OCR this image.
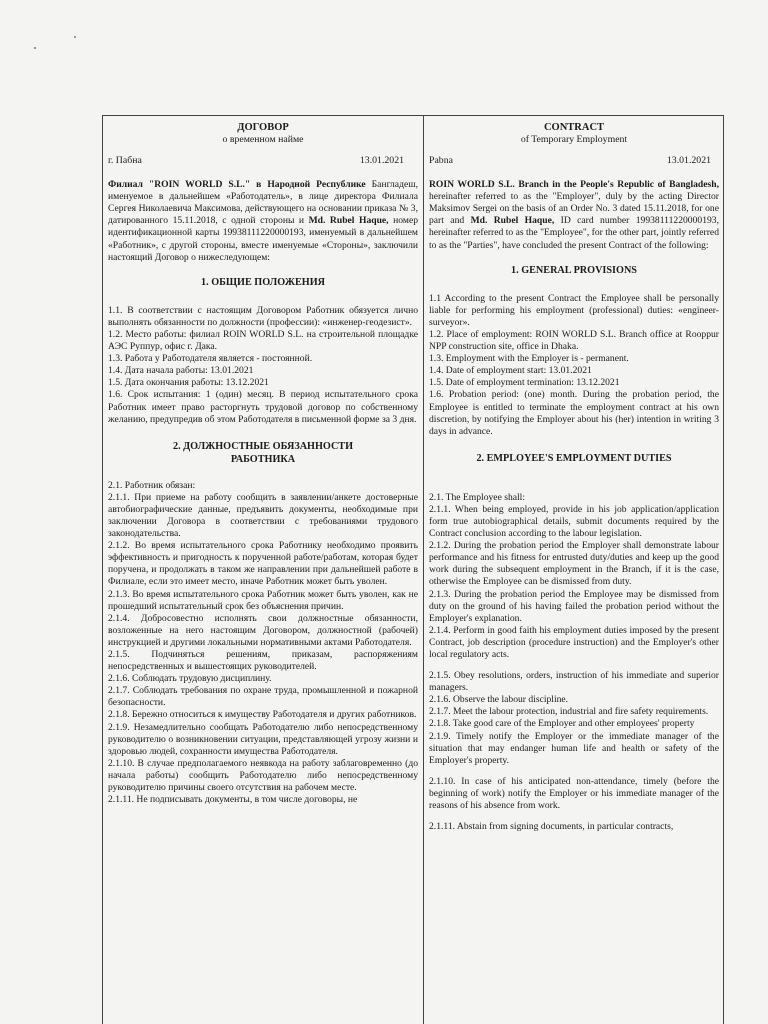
ДОГОВОР
о временном найме
г. Пабна	13.01.2021

Филиал "ROIN WORLD S.L." в Народной Республике Бангладеш, именуемое в дальнейшем «Работодатель», в лице директора Филиала Сергея Николаевича Максимова, действующего на основании приказа № 3, датированного 15.11.2018, с одной стороны и Md. Rubel Haque, номер идентификационной карты 19938111220000193, именуемый в дальнейшем «Работник», с другой стороны, вместе именуемые «Стороны», заключили настоящий Договор о нижеследующем:

1. ОБЩИЕ ПОЛОЖЕНИЯ

1.1. В соответствии с настоящим Договором Работник обязуется лично выполнять обязанности по должности (профессии): «инженер-геодезист».

1.2. Место работы: филиал ROIN WORLD S.L. на строительной площадке АЭС Руппур, офис г. Дака.

1.3. Работа у Работодателя является - постоянной.

1.4. Дата начала работы: 13.01.2021

1.5. Дата окончания работы: 13.12.2021

1.6. Срок испытания: 1 (один) месяц. В период испытательного срока Работник имеет право расторгнуть трудовой договор по собственному желанию, предупредив об этом Работодателя в письменной форме за 3 дня.

2. ДОЛЖНОСТНЫЕ ОБЯЗАННОСТИ РАБОТНИКА

2.1. Работник обязан:

2.1.1. При приеме на работу сообщить в заявлении/анкете достоверные автобиографические данные, предъявить документы, необходимые при заключении Договора в соответствии с требованиями трудового законодательства.

2.1.2. Во время испытательного срока Работнику необходимо проявить эффективность и пригодность к порученной работе/работам, которая будет поручена, и продолжать в таком же направлении при дальнейшей работе в Филиале, если это имеет место, иначе Работник может быть уволен.

2.1.3. Во время испытательного срока Работник может быть уволен, как не прошедший испытательный срок без объяснения причин.

2.1.4. Добросовестно исполнять свои должностные обязанности, возложенные на него настоящим Договором, должностной (рабочей) инструкцией и другими локальными нормативными актами Работодателя.

2.1.5. Подчиняться решениям, приказам, распоряжениям непосредственных и вышестоящих руководителей.

2.1.6. Соблюдать трудовую дисциплину.

2.1.7. Соблюдать требования по охране труда, промышленной и пожарной безопасности.

2.1.8. Бережно относиться к имуществу Работодателя и других работников.

2.1.9. Незамедлительно сообщать Работодателю либо непосредственному руководителю о возникновении ситуации, представляющей угрозу жизни и здоровью людей, сохранности имущества Работодателя.

2.1.10. В случае предполагаемого неявкода на работу заблаговременно (до начала работы) сообщить Работодателю либо непосредственному руководителю причины своего отсутствия на рабочем месте.

2.1.11. Не подписывать документы, в том числе договоры, не

CONTRACT
of Temporary Employment
Pabna	13.01.2021

ROIN WORLD S.L. Branch in the People's Republic of Bangladesh, hereinafter referred to as the "Employer", duly by the acting Director Maksimov Sergei on the basis of an Order No. 3 dated 15.11.2018, for one part and Md. Rubel Haque, ID card number 19938111220000193, hereinafter referred to as the "Employee", for the other part, jointly referred to as the "Parties", have concluded the present Contract of the following:

1. GENERAL PROVISIONS

1.1 According to the present Contract the Employee shall be personally liable for performing his employment (professional) duties: «engineer-surveyor».

1.2. Place of employment: ROIN WORLD S.L. Branch office at Rooppur NPP construction site, office in Dhaka.

1.3. Employment with the Employer is - permanent.

1.4. Date of employment start: 13.01.2021

1.5. Date of employment termination: 13.12.2021

1.6. Probation period: (one) month. During the probation period, the Employee is entitled to terminate the employment contract at his own discretion, by notifying the Employer about his (her) intention in writing 3 days in advance.

2. EMPLOYEE'S EMPLOYMENT DUTIES

2.1. The Employee shall:

2.1.1. When being employed, provide in his job application/application form true autobiographical details, submit documents required by the Contract conclusion according to the labour legislation.

2.1.2. During the probation period the Employer shall demonstrate labour performance and his fitness for entrusted duty/duties and keep up the good work during the subsequent employment in the Branch, if it is the case, otherwise the Employee can be dismissed from duty.

2.1.3. During the probation period the Employee may be dismissed from duty on the ground of his having failed the probation period without the Employer's explanation.

2.1.4. Perform in good faith his employment duties imposed by the present Contract, job description (procedure instruction) and the Employer's other local regulatory acts.

2.1.5. Obey resolutions, orders, instruction of his immediate and superior managers.

2.1.6. Observe the labour discipline.

2.1.7. Meet the labour protection, industrial and fire safety requirements.

2.1.8. Take good care of the Employer and other employees' property

2.1.9. Timely notify the Employer or the immediate manager of the situation that may endanger human life and health or safety of the Employer's property.

2.1.10. In case of his anticipated non-attendance, timely (before the beginning of work) notify the Employer or his immediate manager of the reasons of his absence from work.

2.1.11. Abstain from signing documents, in particular contracts,
